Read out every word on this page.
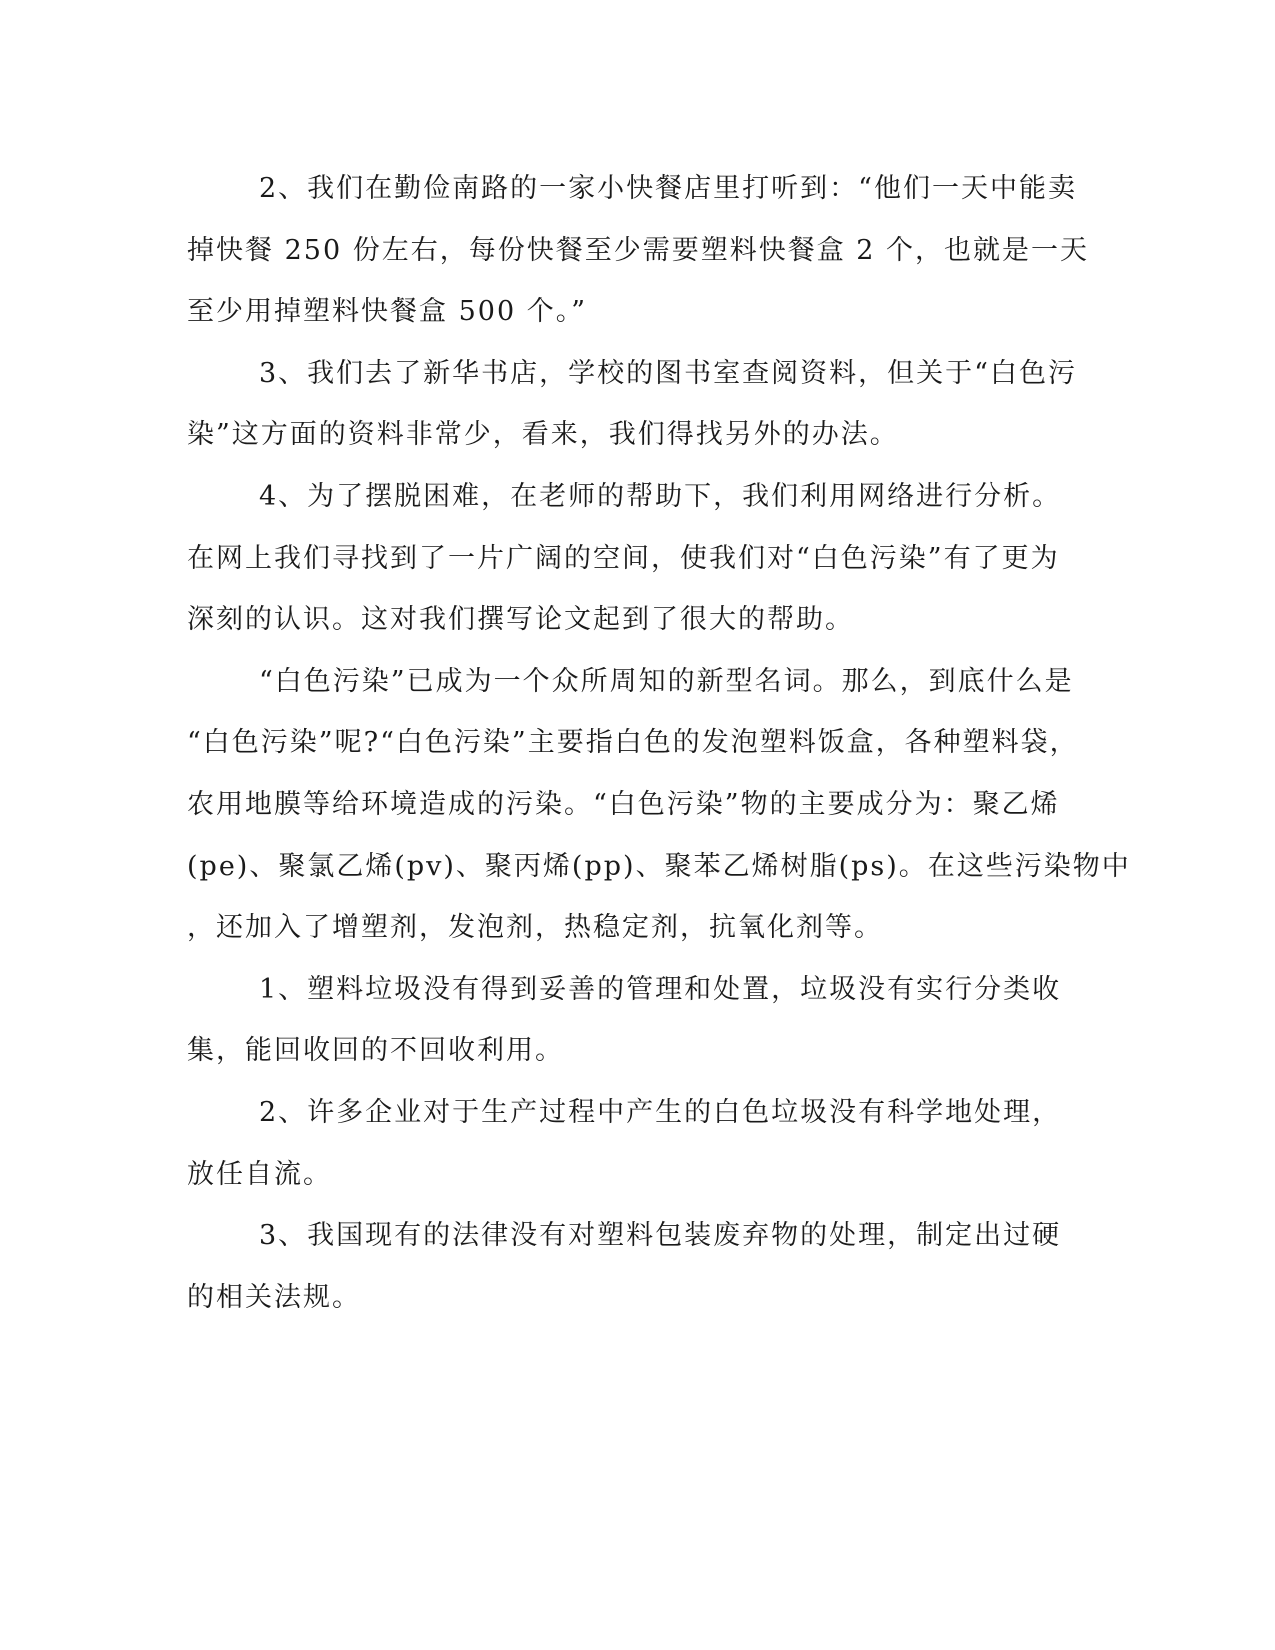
2、我们在勤俭南路的一家小快餐店里打听到：“他们一天中能卖
掉快餐 250 份左右，每份快餐至少需要塑料快餐盒 2 个，也就是一天
至少用掉塑料快餐盒 500 个。”

3、我们去了新华书店，学校的图书室查阅资料，但关于“白色污
染”这方面的资料非常少，看来，我们得找另外的办法。

4、为了摆脱困难，在老师的帮助下，我们利用网络进行分析。
在网上我们寻找到了一片广阔的空间，使我们对“白色污染”有了更为
深刻的认识。这对我们撰写论文起到了很大的帮助。

“白色污染”已成为一个众所周知的新型名词。那么，到底什么是
“白色污染”呢?“白色污染”主要指白色的发泡塑料饭盒，各种塑料袋，
农用地膜等给环境造成的污染。“白色污染”物的主要成分为：聚乙烯
(pe)、聚氯乙烯(pv)、聚丙烯(pp)、聚苯乙烯树脂(ps)。在这些污染物中
，还加入了增塑剂，发泡剂，热稳定剂，抗氧化剂等。

1、塑料垃圾没有得到妥善的管理和处置，垃圾没有实行分类收
集，能回收回的不回收利用。

2、许多企业对于生产过程中产生的白色垃圾没有科学地处理，
放任自流。

3、我国现有的法律没有对塑料包装废弃物的处理，制定出过硬
的相关法规。
